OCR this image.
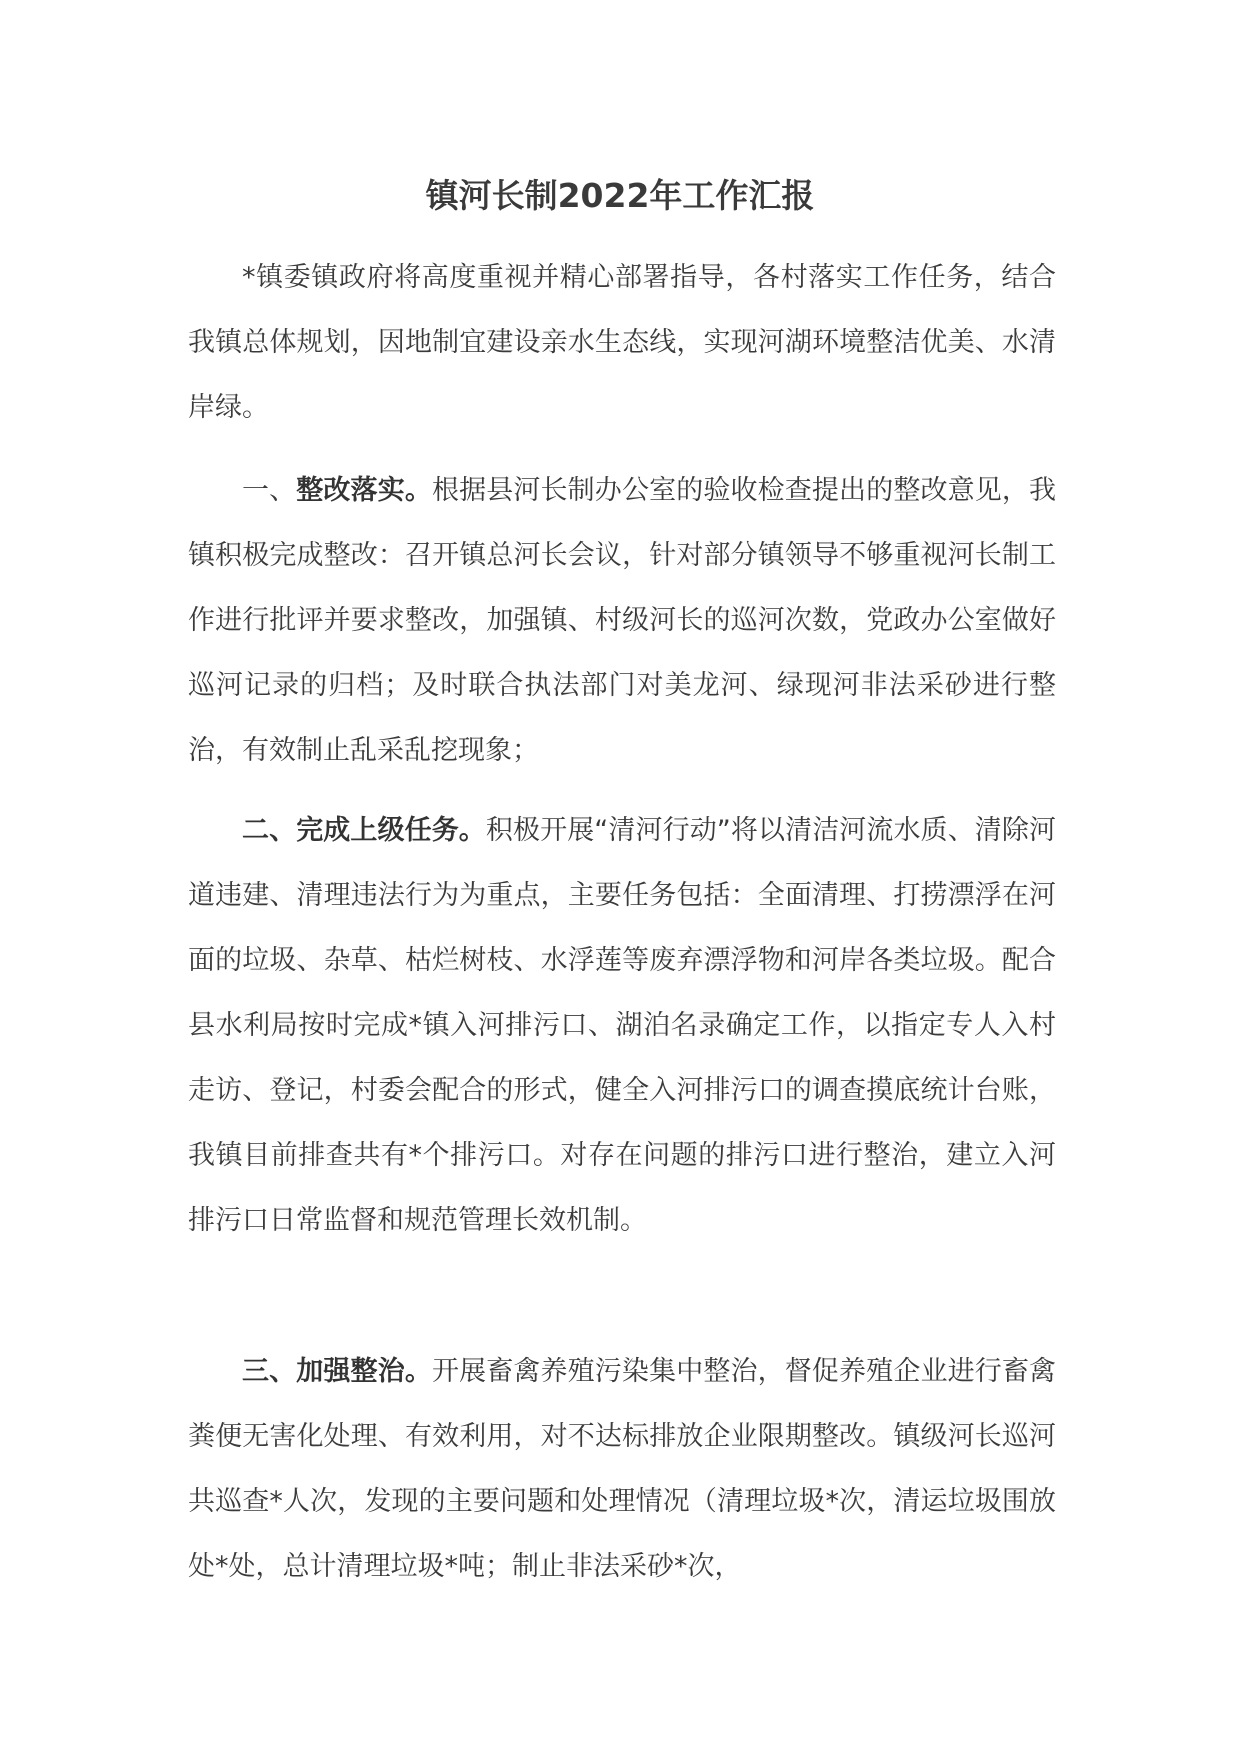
镇河长制2022年工作汇报

*镇委镇政府将高度重视并精心部署指导，各村落实工作任务，结合我镇总体规划，因地制宜建设亲水生态线，实现河湖环境整洁优美、水清岸绿。

一、整改落实。根据县河长制办公室的验收检查提出的整改意见，我镇积极完成整改：召开镇总河长会议，针对部分镇领导不够重视河长制工作进行批评并要求整改，加强镇、村级河长的巡河次数，党政办公室做好巡河记录的归档；及时联合执法部门对美龙河、绿现河非法采砂进行整治，有效制止乱采乱挖现象；

二、完成上级任务。积极开展“清河行动”将以清洁河流水质、清除河道违建、清理违法行为为重点，主要任务包括：全面清理、打捞漂浮在河面的垃圾、杂草、枯烂树枝、水浮莲等废弃漂浮物和河岸各类垃圾。配合县水利局按时完成*镇入河排污口、湖泊名录确定工作，以指定专人入村走访、登记，村委会配合的形式，健全入河排污口的调查摸底统计台账，我镇目前排查共有*个排污口。对存在问题的排污口进行整治，建立入河排污口日常监督和规范管理长效机制。

三、加强整治。开展畜禽养殖污染集中整治，督促养殖企业进行畜禽粪便无害化处理、有效利用，对不达标排放企业限期整改。镇级河长巡河共巡查*人次，发现的主要问题和处理情况（清理垃圾*次，清运垃圾围放处*处，总计清理垃圾*吨；制止非法采砂*次，
